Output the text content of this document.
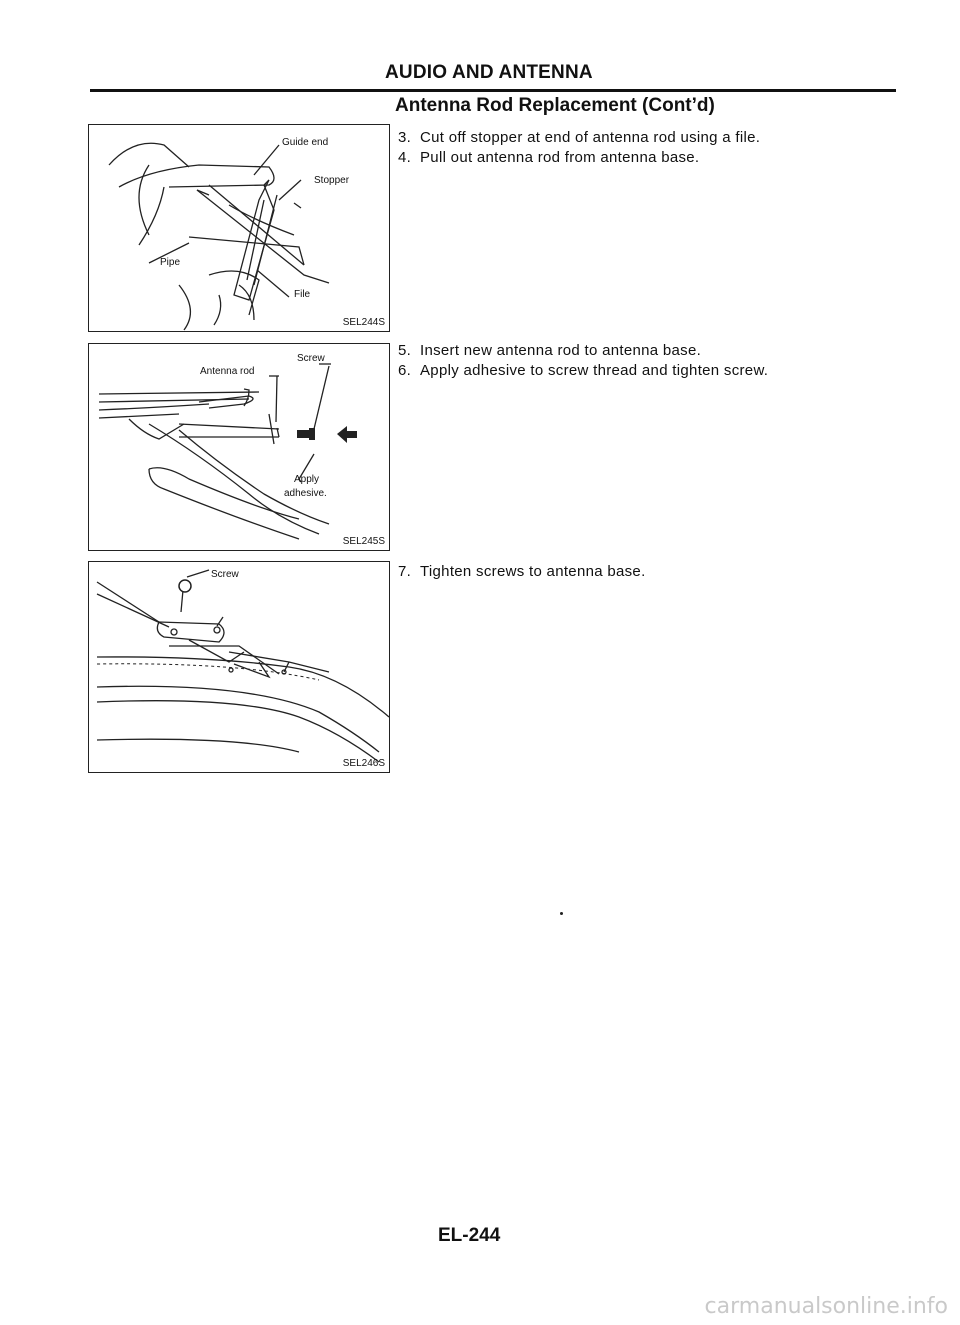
AUDIO AND ANTENNA
Antenna Rod Replacement (Cont’d)
Guide end
Stopper
Pipe
File
SEL244S
3. Cut off stopper at end of antenna rod using a file.
4. Pull out antenna rod from antenna base.
Antenna rod
Screw
Apply
adhesive.
SEL245S
5. Insert new antenna rod to antenna base.
6. Apply adhesive to screw thread and tighten screw.
Screw
SEL246S
7. Tighten screws to antenna base.
EL-244
carmanualsonline.info
